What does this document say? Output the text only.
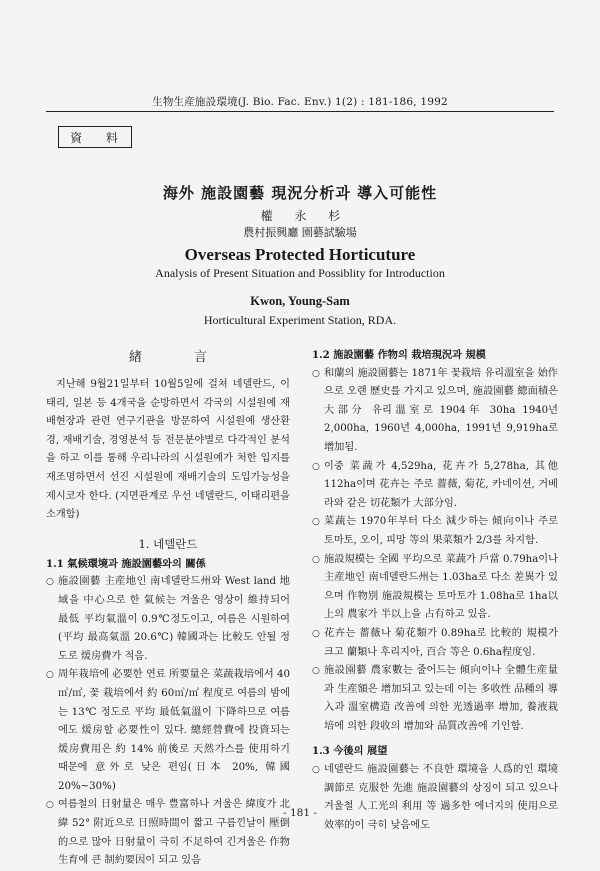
生物生産施設環境(J. Bio. Fac. Env.) 1(2) : 181-186, 1992
資 料
海外 施設園藝 現況分析과 導入可能性
權 永 杉
農村振興廳 園藝試驗場
Overseas Protected Horticuture
Analysis of Present Situation and Possiblity for Introduction
Kwon, Young-Sam
Horticultural Experiment Station, RDA.
緖 言
지난해 9월21일부터 10월5일에 걸쳐 네델란드, 이태리, 일본 등 4개국을 순방하면서 각국의 시설원예 재배현장과 관련 연구기관을 방문하여 시설원예 생산환경, 재배기술, 경영분석 등 전문분야별로 다각적인 분석을 하고 이를 통해 우리나라의 시설원예가 처한 입지를 재조명하면서 선진 시설원예 재배기술의 도입가능성을 제시코자 한다. (지면관계로 우선 네델란드, 이태리편을 소개함)
1. 네델란드
1.1 氣候環境과 施設園藝와의 關係
○ 施設園藝 主産地인 南네델란드州와 West land 地域을 中心으로 한 氣候는 겨울은 영상이 維持되어 最低 平均氣溫이 0.9℃정도이고, 여름은 시원하여(平均 最高氣溫 20.6℃) 韓國과는 比較도 안될 정도로 煖房費가 적음.
○ 周年栽培에 必要한 연료 所要量은 菜蔬栽培에서 40㎥/㎡, 꽃 栽培에서 約 60㎥/㎡ 程度로 여름의 밤에는 13℃ 정도로 平均 最低氣溫이 下降하므로 여름에도 煖房할 必要性이 있다. 總經營費에 投資되는 煖房費用은 約 14% 前後로 天然가스를 使用하기 때문에 意外로 낮은 편임(日本 20%, 韓國 20%~30%)
○ 여름철의 日射量은 매우 豊富하나 겨울은 緯度가 北緯 52° 附近으로 日照時間이 짧고 구름낀날이 壓倒的으로 많아 日射量이 극히 不足하여 긴겨울은 作物生育에 큰 制約要因이 되고 있음
1.2 施設園藝 作物의 栽培現況과 規模
○ 和蘭의 施設園藝는 1871年 꽃栽培 유리溫室을 始作으로 오랜 歷史를 가지고 있으며, 施設園藝 總面積은 大部分 유리溫室로 1904年 30ha 1940년 2,000ha, 1960년 4,000ha, 1991년 9,919ha로 增加됨.
○ 이중 菜蔬가 4,529ha, 花卉가 5,278ha, 其他 112ha이며 花卉는 주로 薔薇, 菊花, 카네이션, 거베라와 같은 切花類가 大部分임.
○ 菜蔬는 1970年부터 다소 減少하는 傾向이나 주로 토마토, 오이, 피망 等의 果菜類가 2/3를 차지함.
○ 施設規模는 全國 平均으로 菜蔬가 戶當 0.79ha이나 主産地인 南네델란드州는 1.03ha로 다소 差異가 있으며 作物別 施設規模는 토마토가 1.08ha로 1ha以上의 農家가 半以上을 占有하고 있음.
○ 花卉는 薔薇나 菊花類가 0.89ha로 比較的 規模가 크고 蘭類나 후리지아, 百合 等은 0.6ha程度임.
○ 施設園藝 農家數는 줄어드는 傾向이나 全體生産量과 生産額은 增加되고 있는데 이는 多收性 品種의 導入과 溫室構造 改善에 의한 光透過率 增加, 養液栽培에 의한 段收의 增加와 品質改善에 기인함.
1.3 今後의 展望
○ 네델란드 施設園藝는 不良한 環境을 人爲的인 環境調節로 克服한 先進 施設園藝의 상징이 되고 있으나 겨울철 人工光의 利用 等 過多한 에너지의 使用으로 效率的이 극히 낮음에도
- 181 -
